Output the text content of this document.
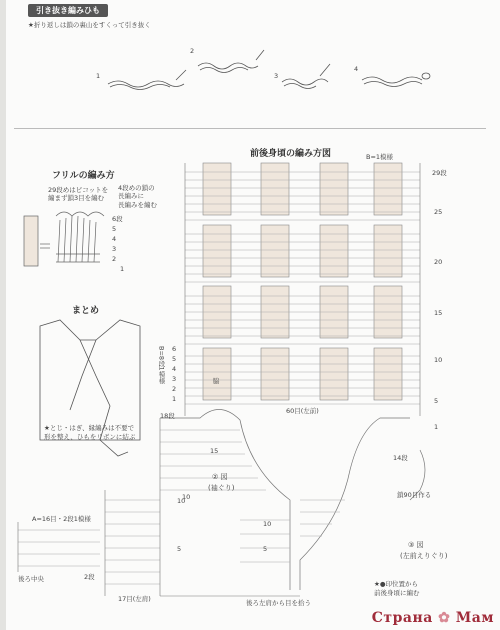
引き抜き編みひも
★折り返しは鎖の裏山をすくって引き抜く
1
2
3
4
フリルの編み方
29段めはピコットを
編まず鎖3目を編む
4段めの鎖の
長編みに
長編みを編む
6段
5
4
3
2
1
まとめ
★とじ・はぎ、縁編みは不要で
形を整え、ひもをリボンに結ぶ
前後身頃の編み方図	B=1模様
29段
25
20
15
10
5
1
6
5
4
3
2
1
B=8段1模様	脇
60目(左前)
18段
14段
15
10	鎖90目作る
② 図
(袖ぐり)
③ 図
(左前えりぐり)
A=16目・2段1模様
後ろ中央	2段
17目(左肩)	後ろ左肩から目を拾う
10
5
10
5
★●印位置から
前後身頃に編む
Страна ✿ Мам
